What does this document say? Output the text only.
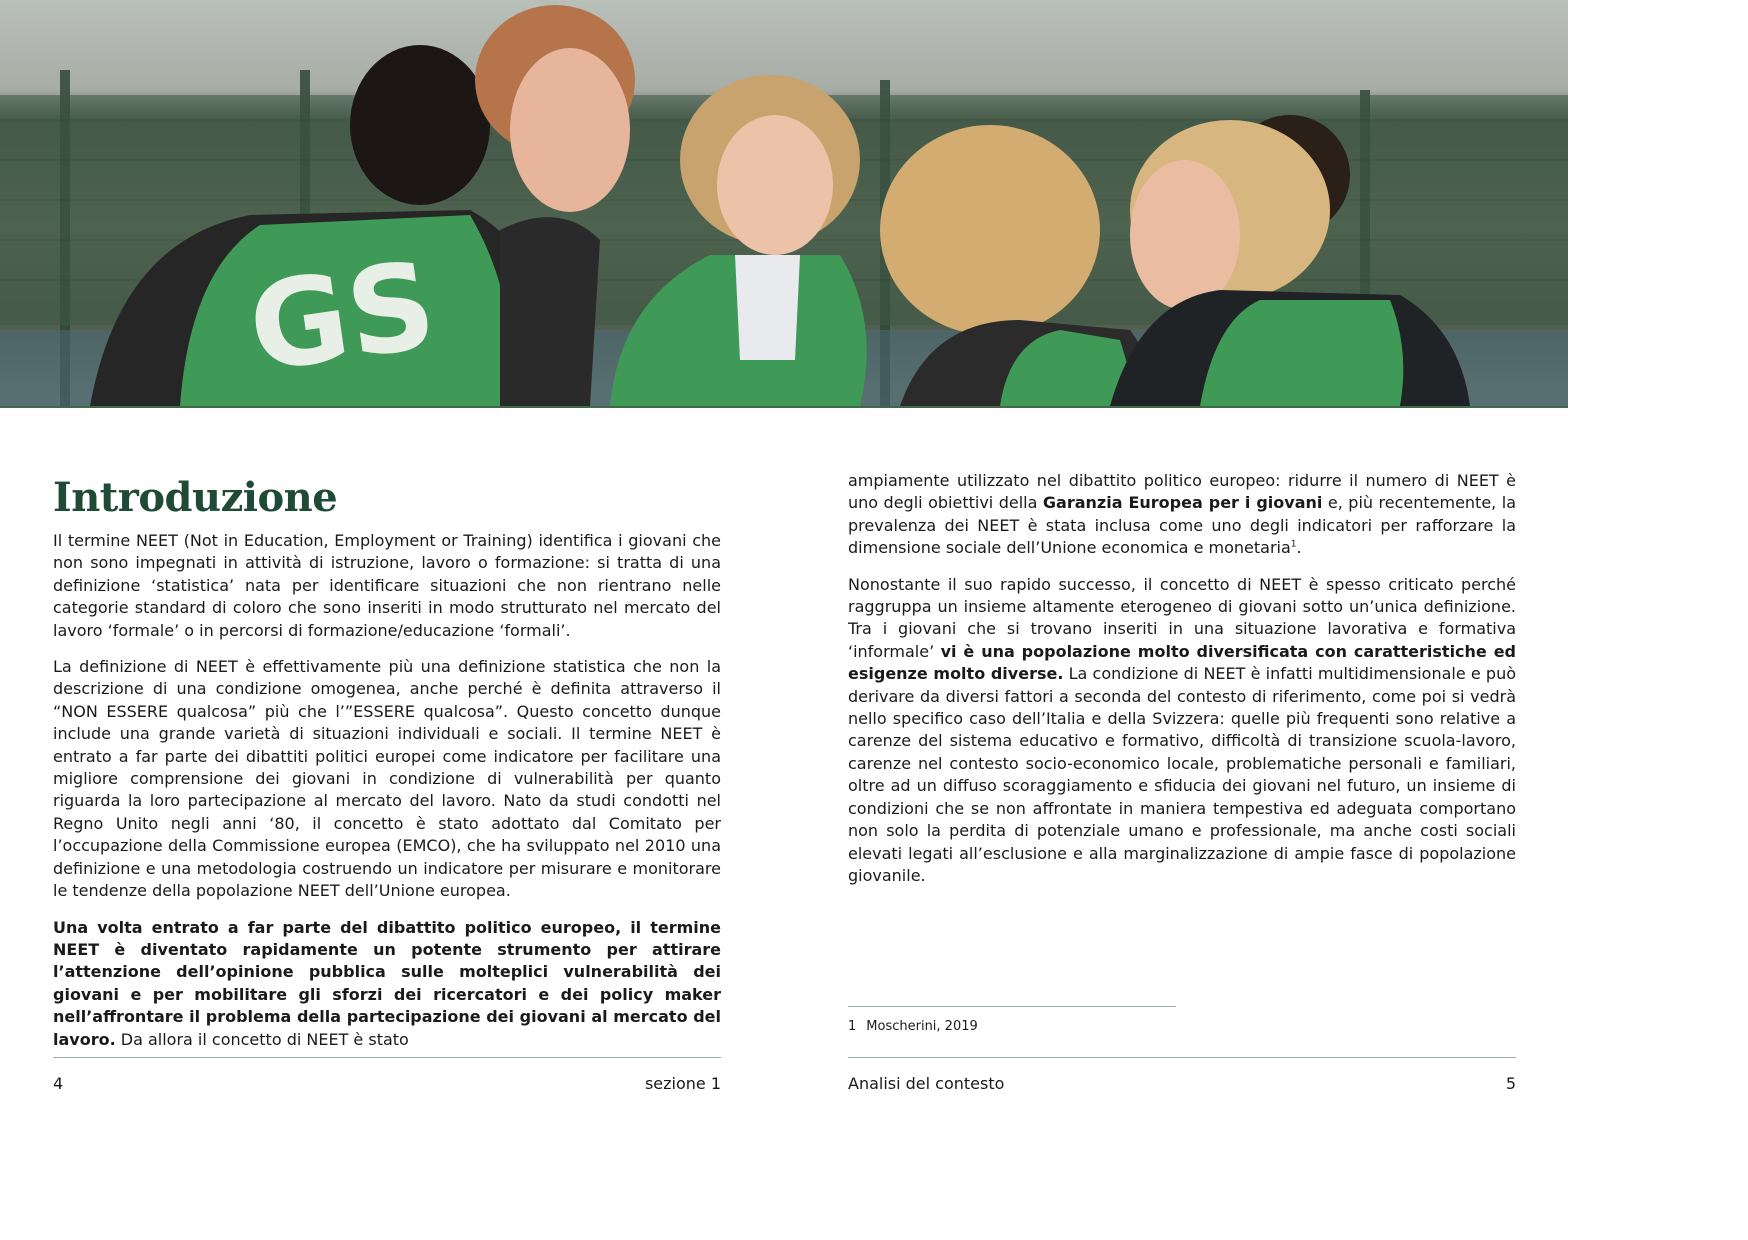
GS
Introduzione

Il termine NEET (Not in Education, Employment or Training) identifica i giovani che non sono impegnati in attività di istruzione, lavoro o formazione: si tratta di una definizione ‘statistica’ nata per identificare situazioni che non rientrano nelle categorie standard di coloro che sono inseriti in modo strutturato nel mercato del lavoro ‘formale’ o in percorsi di formazione/educazione ‘formali’.

La definizione di NEET è effettivamente più una definizione statistica che non la descrizione di una condizione omogenea, anche perché è definita attraverso il “NON ESSERE qualcosa” più che l’”ESSERE qualcosa”. Questo concetto dunque include una grande varietà di situazioni individuali e sociali. Il termine NEET è entrato a far parte dei dibattiti politici europei come indicatore per facilitare una migliore comprensione dei giovani in condizione di vulnerabilità per quanto riguarda la loro partecipazione al mercato del lavoro. Nato da studi condotti nel Regno Unito negli anni ‘80, il concetto è stato adottato dal Comitato per l’occupazione della Commissione europea (EMCO), che ha sviluppato nel 2010 una definizione e una metodologia costruendo un indicatore per misurare e monitorare le tendenze della popolazione NEET dell’Unione europea.

Una volta entrato a far parte del dibattito politico europeo, il termine NEET è diventato rapidamente un potente strumento per attirare l’attenzione dell’opinione pubblica sulle molteplici vulnerabilità dei giovani e per mobilitare gli sforzi dei ricercatori e dei policy maker nell’affrontare il problema della partecipazione dei giovani al mercato del lavoro. Da allora il concetto di NEET è stato

ampiamente utilizzato nel dibattito politico europeo: ridurre il numero di NEET è uno degli obiettivi della Garanzia Europea per i giovani e, più recentemente, la prevalenza dei NEET è stata inclusa come uno degli indicatori per rafforzare la dimensione sociale dell’Unione economica e monetaria$^1$.

Nonostante il suo rapido successo, il concetto di NEET è spesso criticato perché raggruppa un insieme altamente eterogeneo di giovani sotto un’unica definizione. Tra i giovani che si trovano inseriti in una situazione lavorativa e formativa ‘informale’ vi è una popolazione molto diversificata con caratteristiche ed esigenze molto diverse. La condizione di NEET è infatti multidimensionale e può derivare da diversi fattori a seconda del contesto di riferimento, come poi si vedrà nello specifico caso dell’Italia e della Svizzera: quelle più frequenti sono relative a carenze del sistema educativo e formativo, difficoltà di transizione scuola-lavoro, carenze nel contesto socio-economico locale, problematiche personali e familiari, oltre ad un diffuso scoraggiamento e sfiducia dei giovani nel futuro, un insieme di condizioni che se non affrontate in maniera tempestiva ed adeguata comportano non solo la perdita di potenziale umano e professionale, ma anche costi sociali elevati legati all’esclusione e alla marginalizzazione di ampie fasce di popolazione giovanile.

1 Moscherini, 2019
4	sezione 1	Analisi del contesto	5
